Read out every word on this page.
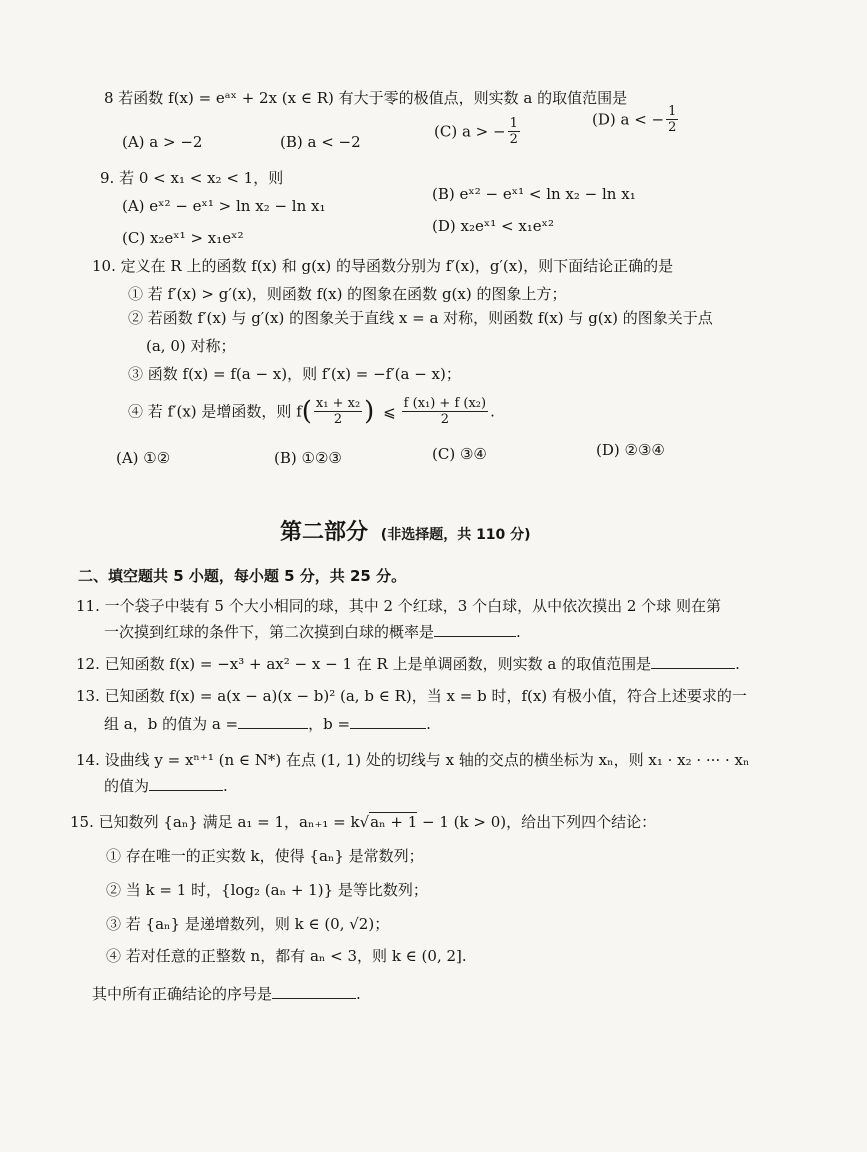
8 若函数 f(x) = eᵃˣ + 2x (x ∈ R) 有大于零的极值点，则实数 a 的取值范围是
(A) a > −2	(B) a < −2
(C) a > − $\frac{1}{2}$	(D) a < − $\frac{1}{2}$
9. 若 0 < x₁ < x₂ < 1，则
(A) eˣ² − eˣ¹ > ln x₂ − ln x₁
(B) eˣ² − eˣ¹ < ln x₂ − ln x₁
(C) x₂eˣ¹ > x₁eˣ²
(D) x₂eˣ¹ < x₁eˣ²
10. 定义在 R 上的函数 f(x) 和 g(x) 的导函数分别为 f′(x)，g′(x)，则下面结论正确的是
① 若 f′(x) > g′(x)，则函数 f(x) 的图象在函数 g(x) 的图象上方；
② 若函数 f′(x) 与 g′(x) 的图象关于直线 x = a 对称，则函数 f(x) 与 g(x) 的图象关于点
(a, 0) 对称；
③ 函数 f(x) = f(a − x)，则 f′(x) = −f′(a − x)；
④ 若 f′(x) 是增函数，则 $f( \frac{\text{x₁ + x₂}}{2}$ ) ⩽ $\frac{\text{f (x₁) + f (x₂)}}{2}$ .
(A) ①②	(B) ①②③	(C) ③④	(D) ②③④
第二部分 (非选择题，共 110 分)
二、填空题共 5 小题，每小题 5 分，共 25 分。
11. 一个袋子中装有 5 个大小相同的球，其中 2 个红球，3 个白球，从中依次摸出 2 个球 则在第
一次摸到红球的条件下，第二次摸到白球的概率是	.
12. 已知函数 f(x) = −x³ + ax² − x − 1 在 R 上是单调函数，则实数 a 的取值范围是	.
13. 已知函数 f(x) = a(x − a)(x − b)² (a, b ∈ R)，当 x = b 时，f(x) 有极小值，符合上述要求的一
组 a，b 的值为 a =	，b =	.
14. 设曲线 y = xⁿ⁺¹ (n ∈ N*) 在点 (1, 1) 处的切线与 x 轴的交点的横坐标为 xₙ，则 x₁ · x₂ · ··· · xₙ
的值为	.
15. 已知数列 {aₙ} 满足 a₁ = 1，aₙ₊₁ = k√aₙ + 1 − 1 (k > 0)，给出下列四个结论：
① 存在唯一的正实数 k，使得 {aₙ} 是常数列；
② 当 k = 1 时，{log₂ (aₙ + 1)} 是等比数列；
③ 若 {aₙ} 是递增数列，则 k ∈ (0, √2)；
④ 若对任意的正整数 n，都有 aₙ < 3，则 k ∈ (0, 2].
其中所有正确结论的序号是	.
